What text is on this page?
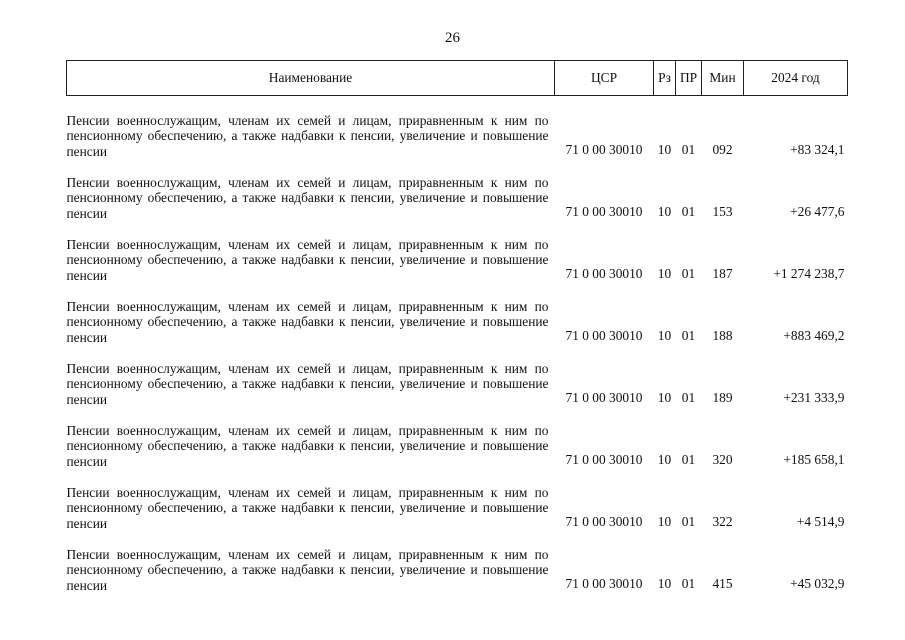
26
Наименование	ЦСР	Рз	ПР	Мин	2024 год
Пенсии военнослужащим, членам их семей и лицам, приравненным к ним по пенсионному обеспечению, а также надбавки к пенсии, увеличение и повышение пенсии	71 0 00 30010	10	01	092	+83 324,1
Пенсии военнослужащим, членам их семей и лицам, приравненным к ним по пенсионному обеспечению, а также надбавки к пенсии, увеличение и повышение пенсии	71 0 00 30010	10	01	153	+26 477,6
Пенсии военнослужащим, членам их семей и лицам, приравненным к ним по пенсионному обеспечению, а также надбавки к пенсии, увеличение и повышение пенсии	71 0 00 30010	10	01	187	+1 274 238,7
Пенсии военнослужащим, членам их семей и лицам, приравненным к ним по пенсионному обеспечению, а также надбавки к пенсии, увеличение и повышение пенсии	71 0 00 30010	10	01	188	+883 469,2
Пенсии военнослужащим, членам их семей и лицам, приравненным к ним по пенсионному обеспечению, а также надбавки к пенсии, увеличение и повышение пенсии	71 0 00 30010	10	01	189	+231 333,9
Пенсии военнослужащим, членам их семей и лицам, приравненным к ним по пенсионному обеспечению, а также надбавки к пенсии, увеличение и повышение пенсии	71 0 00 30010	10	01	320	+185 658,1
Пенсии военнослужащим, членам их семей и лицам, приравненным к ним по пенсионному обеспечению, а также надбавки к пенсии, увеличение и повышение пенсии	71 0 00 30010	10	01	322	+4 514,9
Пенсии военнослужащим, членам их семей и лицам, приравненным к ним по пенсионному обеспечению, а также надбавки к пенсии, увеличение и повышение пенсии	71 0 00 30010	10	01	415	+45 032,9
